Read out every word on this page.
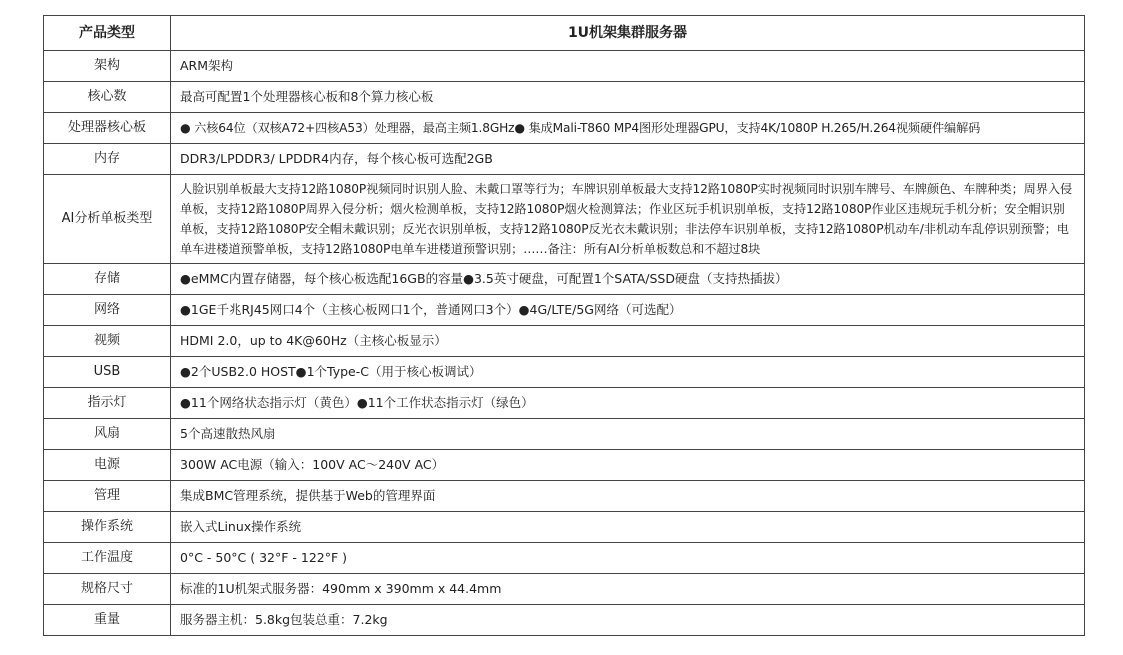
产品类型	1U机架集群服务器
架构	ARM架构
核心数	最高可配置1个处理器核心板和8个算力核心板
处理器核心板	● 六核64位（双核A72+四核A53）处理器，最高主频1.8GHz● 集成Mali-T860 MP4图形处理器GPU，支持4K/1080P H.265/H.264视频硬件编解码
内存	DDR3/LPDDR3/ LPDDR4内存，每个核心板可选配2GB
AI分析单板类型	人脸识别单板最大支持12路1080P视频同时识别人脸、未戴口罩等行为；车牌识别单板最大支持12路1080P实时视频同时识别车牌号、车牌颜色、车牌种类；周界入侵单板，支持12路1080P周界入侵分析；烟火检测单板，支持12路1080P烟火检测算法；作业区玩手机识别单板，支持12路1080P作业区违规玩手机分析；安全帽识别单板，支持12路1080P安全帽未戴识别；反光衣识别单板，支持12路1080P反光衣未戴识别；非法停车识别单板，支持12路1080P机动车/非机动车乱停识别预警；电单车进楼道预警单板，支持12路1080P电单车进楼道预警识别；……备注：所有AI分析单板数总和不超过8块
存储	●eMMC内置存储器，每个核心板选配16GB的容量●3.5英寸硬盘，可配置1个SATA/SSD硬盘（支持热插拔）
网络	●1GE千兆RJ45网口4个（主核心板网口1个，普通网口3个）●4G/LTE/5G网络（可选配）
视频	HDMI 2.0，up to 4K@60Hz（主核心板显示）
USB	●2个USB2.0 HOST●1个Type-C（用于核心板调试）
指示灯	●11个网络状态指示灯（黄色）●11个工作状态指示灯（绿色）
风扇	5个高速散热风扇
电源	300W AC电源（输入：100V AC～240V AC）
管理	集成BMC管理系统，提供基于Web的管理界面
操作系统	嵌入式Linux操作系统
工作温度	0°C - 50°C ( 32°F - 122°F )
规格尺寸	标准的1U机架式服务器：490mm x 390mm x 44.4mm
重量	服务器主机：5.8kg包装总重：7.2kg
